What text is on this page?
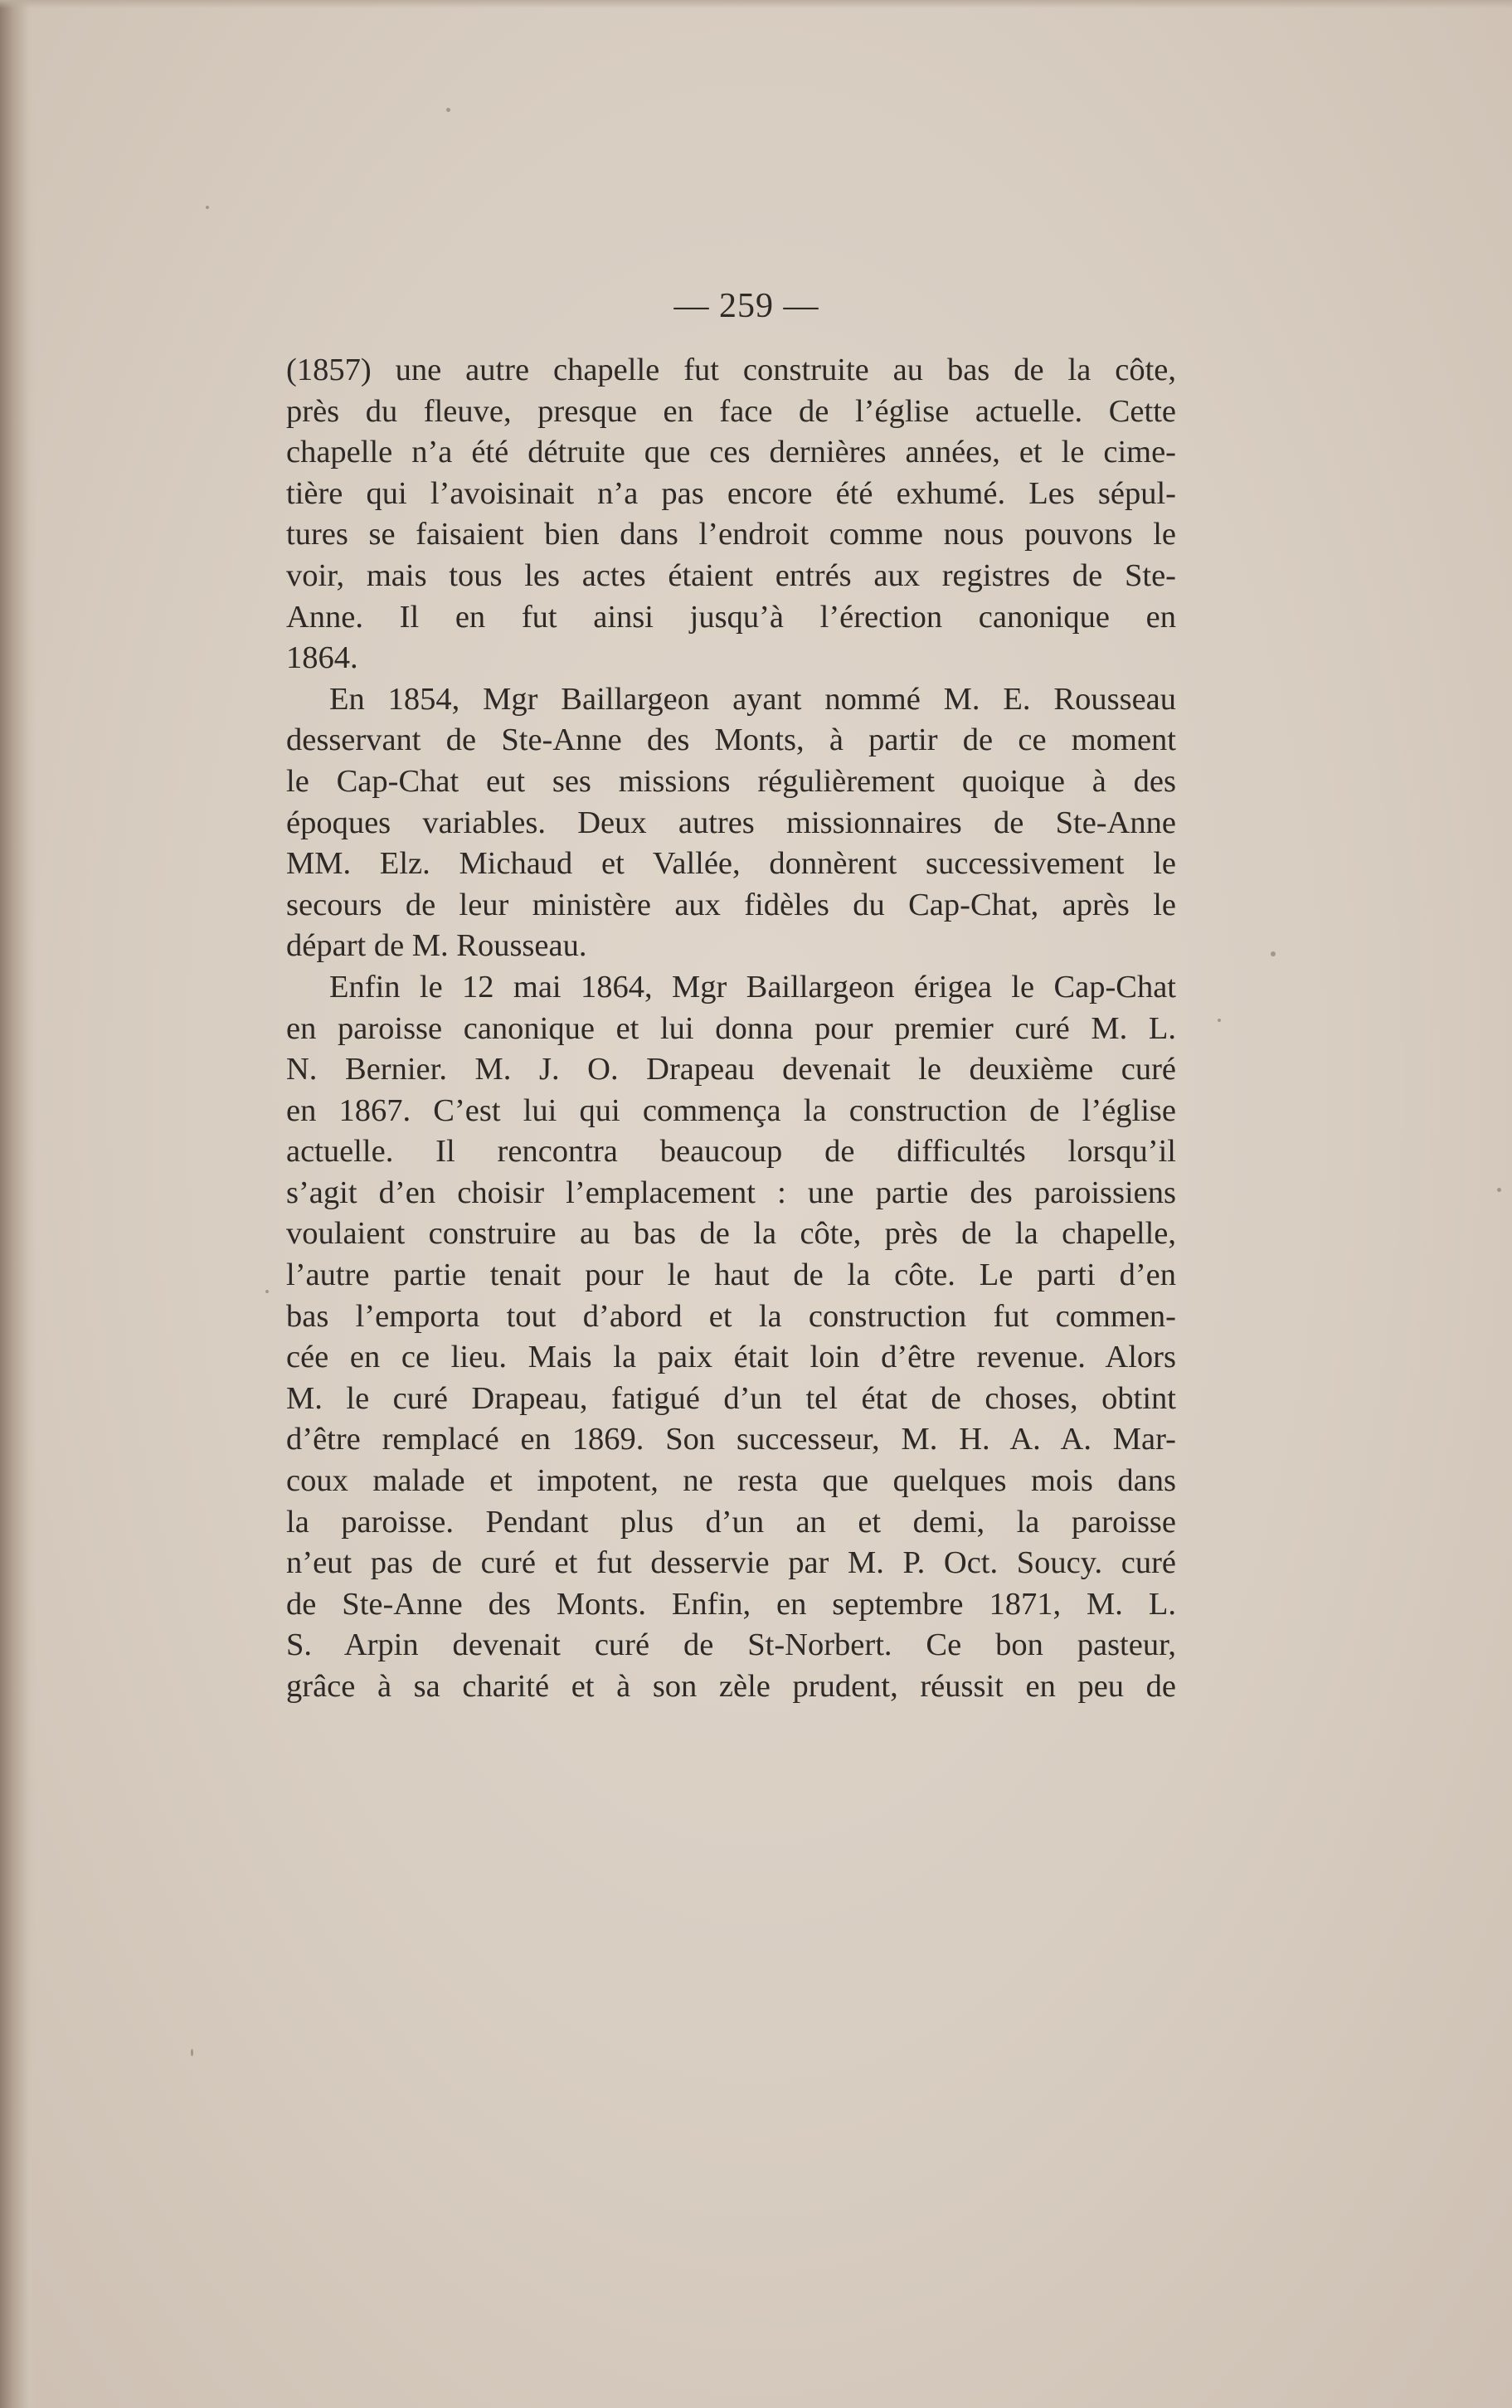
— 259 —
(1857) une autre chapelle fut construite au bas de la côte,
près du fleuve, presque en face de l’église actuelle. Cette
chapelle n’a été détruite que ces dernières années, et le cime-
tière qui l’avoisinait n’a pas encore été exhumé. Les sépul-
tures se faisaient bien dans l’endroit comme nous pouvons le
voir, mais tous les actes étaient entrés aux registres de Ste-
Anne. Il en fut ainsi jusqu’à l’érection canonique en
1864.
En 1854, Mgr Baillargeon ayant nommé M. E. Rousseau
desservant de Ste-Anne des Monts, à partir de ce moment
le Cap-Chat eut ses missions régulièrement quoique à des
époques variables. Deux autres missionnaires de Ste-Anne
MM. Elz. Michaud et Vallée, donnèrent successivement le
secours de leur ministère aux fidèles du Cap-Chat, après le
départ de M. Rousseau.
Enfin le 12 mai 1864, Mgr Baillargeon érigea le Cap-Chat
en paroisse canonique et lui donna pour premier curé M. L.
N. Bernier. M. J. O. Drapeau devenait le deuxième curé
en 1867. C’est lui qui commença la construction de l’église
actuelle. Il rencontra beaucoup de difficultés lorsqu’il
s’agit d’en choisir l’emplacement : une partie des paroissiens
voulaient construire au bas de la côte, près de la chapelle,
l’autre partie tenait pour le haut de la côte. Le parti d’en
bas l’emporta tout d’abord et la construction fut commen-
cée en ce lieu. Mais la paix était loin d’être revenue. Alors
M. le curé Drapeau, fatigué d’un tel état de choses, obtint
d’être remplacé en 1869. Son successeur, M. H. A. A. Mar-
coux malade et impotent, ne resta que quelques mois dans
la paroisse. Pendant plus d’un an et demi, la paroisse
n’eut pas de curé et fut desservie par M. P. Oct. Soucy. curé
de Ste-Anne des Monts. Enfin, en septembre 1871, M. L.
S. Arpin devenait curé de St-Norbert. Ce bon pasteur,
grâce à sa charité et à son zèle prudent, réussit en peu de
